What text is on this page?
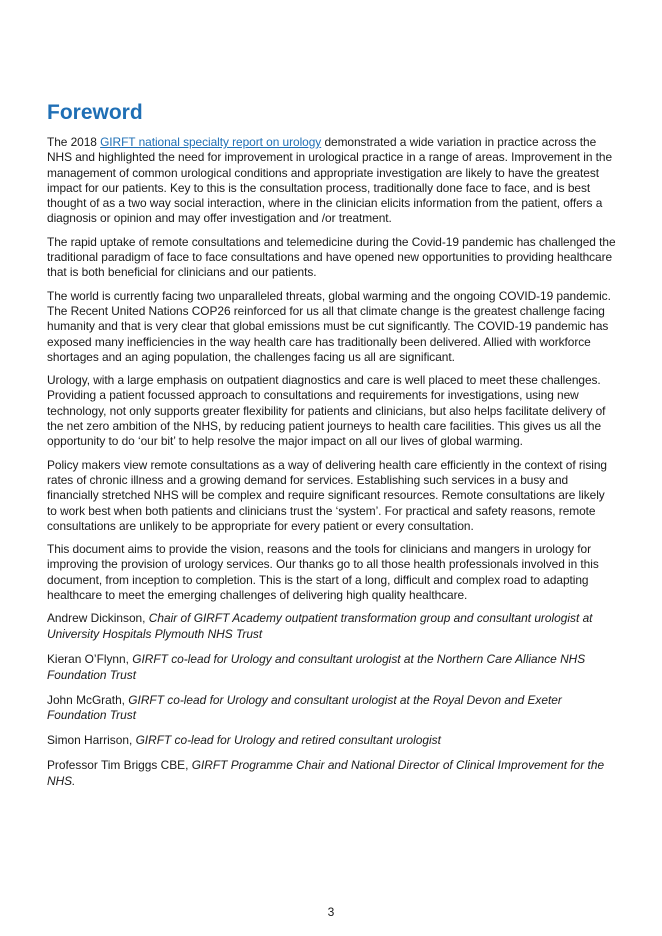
Foreword

The 2018 GIRFT national specialty report on urology demonstrated a wide variation in practice across the NHS and highlighted the need for improvement in urological practice in a range of areas. Improvement in the management of common urological conditions and appropriate investigation are likely to have the greatest impact for our patients. Key to this is the consultation process, traditionally done face to face, and is best thought of as a two way social interaction, where in the clinician elicits information from the patient, offers a diagnosis or opinion and may offer investigation and /or treatment.

The rapid uptake of remote consultations and telemedicine during the Covid-19 pandemic has challenged the traditional paradigm of face to face consultations and have opened new opportunities to providing healthcare that is both beneficial for clinicians and our patients.

The world is currently facing two unparalleled threats, global warming and the ongoing COVID-19 pandemic. The Recent United Nations COP26 reinforced for us all that climate change is the greatest challenge facing humanity and that is very clear that global emissions must be cut significantly. The COVID-19 pandemic has exposed many inefficiencies in the way health care has traditionally been delivered. Allied with workforce shortages and an aging population, the challenges facing us all are significant.

Urology, with a large emphasis on outpatient diagnostics and care is well placed to meet these challenges. Providing a patient focussed approach to consultations and requirements for investigations, using new technology, not only supports greater flexibility for patients and clinicians, but also helps facilitate delivery of the net zero ambition of the NHS, by reducing patient journeys to health care facilities. This gives us all the opportunity to do ‘our bit’ to help resolve the major impact on all our lives of global warming.

Policy makers view remote consultations as a way of delivering health care efficiently in the context of rising rates of chronic illness and a growing demand for services. Establishing such services in a busy and financially stretched NHS will be complex and require significant resources. Remote consultations are likely to work best when both patients and clinicians trust the ‘system’. For practical and safety reasons, remote consultations are unlikely to be appropriate for every patient or every consultation.

This document aims to provide the vision, reasons and the tools for clinicians and mangers in urology for improving the provision of urology services. Our thanks go to all those health professionals involved in this document, from inception to completion. This is the start of a long, difficult and complex road to adapting healthcare to meet the emerging challenges of delivering high quality healthcare.

Andrew Dickinson, Chair of GIRFT Academy outpatient transformation group and consultant urologist at University Hospitals Plymouth NHS Trust

Kieran O’Flynn, GIRFT co-lead for Urology and consultant urologist at the Northern Care Alliance NHS Foundation Trust

John McGrath, GIRFT co-lead for Urology and consultant urologist at the Royal Devon and Exeter Foundation Trust

Simon Harrison, GIRFT co-lead for Urology and retired consultant urologist

Professor Tim Briggs CBE, GIRFT Programme Chair and National Director of Clinical Improvement for the NHS.

3
